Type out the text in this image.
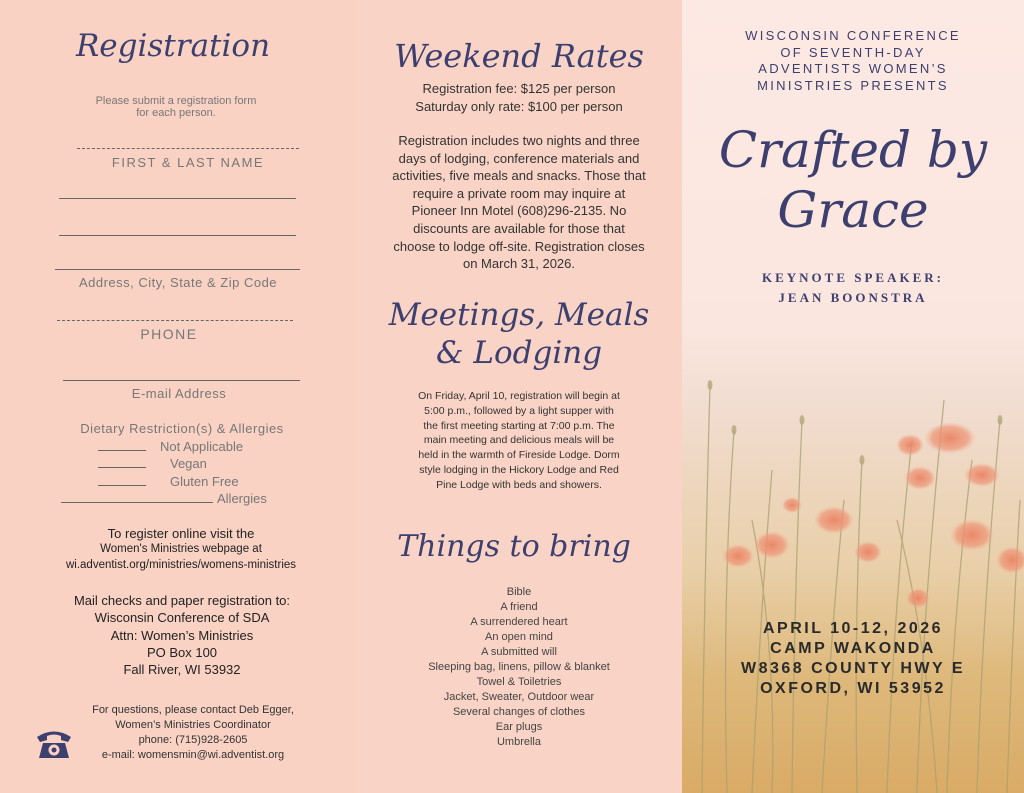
Registration
Please submit a registration form
for each person.
FIRST & LAST NAME
Address, City, State & Zip Code
PHONE
E-mail Address
Dietary Restriction(s) & Allergies
Not Applicable
Vegan
Gluten Free
Allergies
To register online visit the
Women's Ministries webpage at
wi.adventist.org/ministries/womens-ministries
Mail checks and paper registration to:
Wisconsin Conference of SDA
Attn: Women’s Ministries
PO Box 100
Fall River, WI 53932
For questions, please contact Deb Egger,
Women’s Ministries Coordinator
phone: (715)928-2605
e-mail: womensmin@wi.adventist.org
Weekend Rates
Registration fee: $125 per person
Saturday only rate: $100 per person
Registration includes two nights and three
days of lodging, conference materials and
activities, five meals and snacks. Those that
require a private room may inquire at
Pioneer Inn Motel (608)296-2135. No
discounts are available for those that
choose to lodge off-site. Registration closes
on March 31, 2026.
Meetings, Meals
& Lodging
On Friday, April 10, registration will begin at
5:00 p.m., followed by a light supper with
the first meeting starting at 7:00 p.m. The
main meeting and delicious meals will be
held in the warmth of Fireside Lodge. Dorm
style lodging in the Hickory Lodge and Red
Pine Lodge with beds and showers.
Things to bring
Bible
A friend
A surrendered heart
An open mind
A submitted will
Sleeping bag, linens, pillow & blanket
Towel & Toiletries
Jacket, Sweater, Outdoor wear
Several changes of clothes
Ear plugs
Umbrella
WISCONSIN CONFERENCE
OF SEVENTH-DAY
ADVENTISTS WOMEN’S
MINISTRIES PRESENTS
Crafted by
Grace
KEYNOTE SPEAKER:
JEAN BOONSTRA
APRIL 10-12, 2026
CAMP WAKONDA
W8368 COUNTY HWY E
OXFORD, WI 53952
